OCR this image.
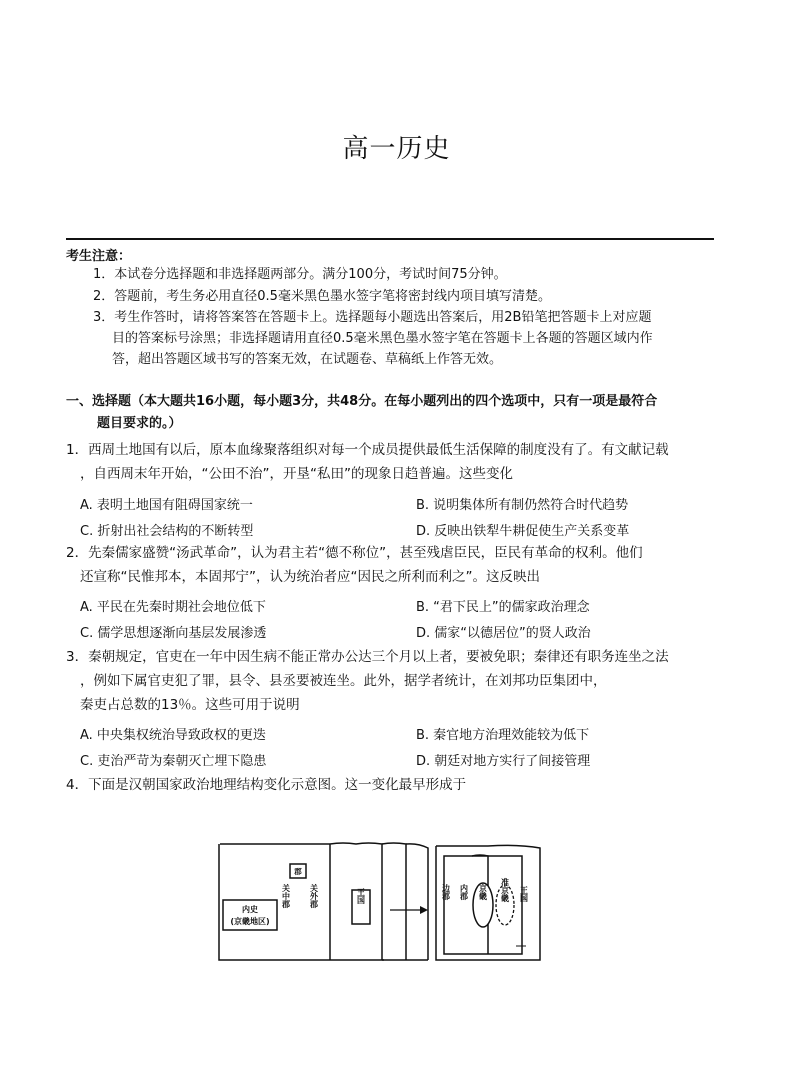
高一历史
考生注意：
1．本试卷分选择题和非选择题两部分。满分100分，考试时间75分钟。
2．答题前，考生务必用直径0.5毫米黑色墨水签字笔将密封线内项目填写清楚。
3．考生作答时，请将答案答在答题卡上。选择题每小题选出答案后，用2B铅笔把答题卡上对应题
目的答案标号涂黑；非选择题请用直径0.5毫米黑色墨水签字笔在答题卡上各题的答题区域内作
答，超出答题区域书写的答案无效，在试题卷、草稿纸上作答无效。
一、选择题（本大题共16小题，每小题3分，共48分。在每小题列出的四个选项中，只有一项是最符合
题目要求的。）
1．西周土地国有以后，原本血缘聚落组织对每一个成员提供最低生活保障的制度没有了。有文献记载
，自西周末年开始，“公田不治”，开垦“私田”的现象日趋普遍。这些变化
A. 表明土地国有阻碍国家统一	B. 说明集体所有制仍然符合时代趋势
C. 折射出社会结构的不断转型	D. 反映出铁犁牛耕促使生产关系变革
2．先秦儒家盛赞“汤武革命”，认为君主若“德不称位”，甚至残虐臣民，臣民有革命的权利。他们
还宣称“民惟邦本，本固邦宁”，认为统治者应“因民之所利而利之”。这反映出
A. 平民在先秦时期社会地位低下	B. “君下民上”的儒家政治理念
C. 儒学思想逐渐向基层发展渗透	D. 儒家“以德居位”的贤人政治
3．秦朝规定，官吏在一年中因生病不能正常办公达三个月以上者，要被免职；秦律还有职务连坐之法
，例如下属官吏犯了罪，县令、县丞要被连坐。此外，据学者统计，在刘邦功臣集团中，
秦吏占总数的13％。这些可用于说明
A. 中央集权统治导致政权的更迭	B. 秦官地方治理效能较为低下
C. 吏治严苛为秦朝灭亡埋下隐患	D. 朝廷对地方实行了间接管理
4．下面是汉朝国家政治地理结构变化示意图。这一变化最早形成于
内史
(京畿地区)
郡
关中郡 关外郡	王国	边郡 内郡 京畿 准京畿 王国
